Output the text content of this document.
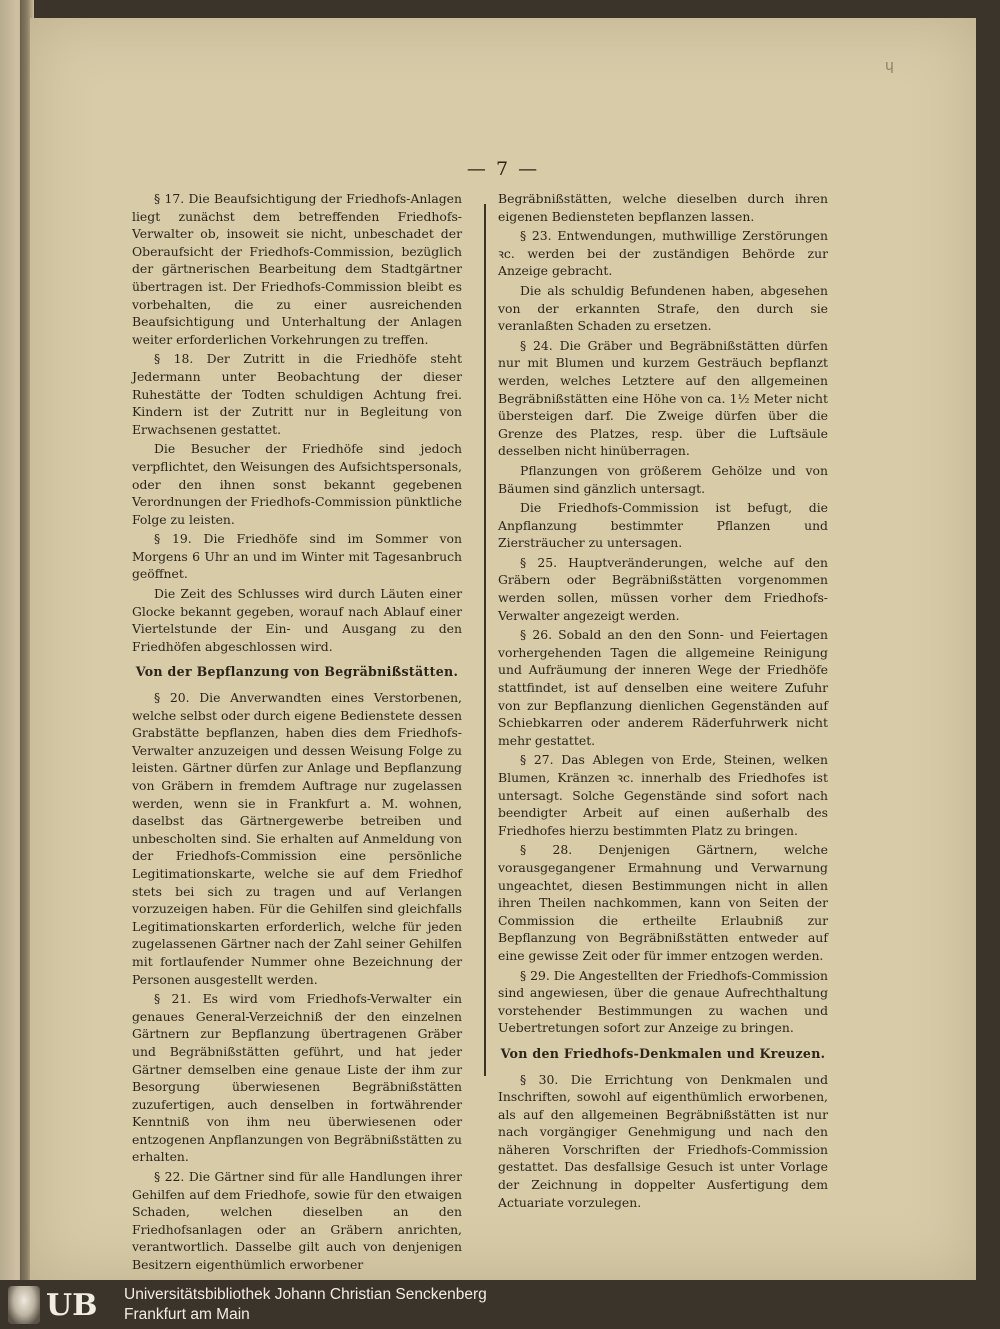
ɥ
— 7 —

§ 17. Die Beaufsichtigung der Friedhofs-Anlagen liegt zunächst dem betreffenden Friedhofs-Verwalter ob, insoweit sie nicht, unbeschadet der Oberaufsicht der Friedhofs-Commission, bezüglich der gärtnerischen Bearbeitung dem Stadtgärtner übertragen ist. Der Friedhofs-Commission bleibt es vorbehalten, die zu einer ausreichenden Beaufsichtigung und Unterhaltung der Anlagen weiter erforderlichen Vorkehrungen zu treffen.

§ 18. Der Zutritt in die Friedhöfe steht Jedermann unter Beobachtung der dieser Ruhestätte der Todten schuldigen Achtung frei. Kindern ist der Zutritt nur in Begleitung von Erwachsenen gestattet.

Die Besucher der Friedhöfe sind jedoch verpflichtet, den Weisungen des Aufsichtspersonals, oder den ihnen sonst bekannt gegebenen Verordnungen der Friedhofs-Commission pünktliche Folge zu leisten.

§ 19. Die Friedhöfe sind im Sommer von Morgens 6 Uhr an und im Winter mit Tagesanbruch geöffnet.

Die Zeit des Schlusses wird durch Läuten einer Glocke bekannt gegeben, worauf nach Ablauf einer Viertelstunde der Ein- und Ausgang zu den Friedhöfen abgeschlossen wird.

Von der Bepflanzung von Begräbnißstätten.

§ 20. Die Anverwandten eines Verstorbenen, welche selbst oder durch eigene Bedienstete dessen Grabstätte bepflanzen, haben dies dem Friedhofs-Verwalter anzuzeigen und dessen Weisung Folge zu leisten. Gärtner dürfen zur Anlage und Bepflanzung von Gräbern in fremdem Auftrage nur zugelassen werden, wenn sie in Frankfurt a. M. wohnen, daselbst das Gärtnergewerbe betreiben und unbescholten sind. Sie erhalten auf Anmeldung von der Friedhofs-Commission eine persönliche Legitimationskarte, welche sie auf dem Friedhof stets bei sich zu tragen und auf Verlangen vorzuzeigen haben. Für die Gehilfen sind gleichfalls Legitimationskarten erforderlich, welche für jeden zugelassenen Gärtner nach der Zahl seiner Gehilfen mit fortlaufender Nummer ohne Bezeichnung der Personen ausgestellt werden.

§ 21. Es wird vom Friedhofs-Verwalter ein genaues General-Verzeichniß der den einzelnen Gärtnern zur Bepflanzung übertragenen Gräber und Begräbnißstätten geführt, und hat jeder Gärtner demselben eine genaue Liste der ihm zur Besorgung überwiesenen Begräbnißstätten zuzufertigen, auch denselben in fortwährender Kenntniß von ihm neu überwiesenen oder entzogenen Anpflanzungen von Begräbnißstätten zu erhalten.

§ 22. Die Gärtner sind für alle Handlungen ihrer Gehilfen auf dem Friedhofe, sowie für den etwaigen Schaden, welchen dieselben an den Friedhofsanlagen oder an Gräbern anrichten, verantwortlich. Dasselbe gilt auch von denjenigen Besitzern eigenthümlich erworbener

Begräbnißstätten, welche dieselben durch ihren eigenen Bediensteten bepflanzen lassen.

§ 23. Entwendungen, muthwillige Zerstörungen ꝛc. werden bei der zuständigen Behörde zur Anzeige gebracht.

Die als schuldig Befundenen haben, abgesehen von der erkannten Strafe, den durch sie veranlaßten Schaden zu ersetzen.

§ 24. Die Gräber und Begräbnißstätten dürfen nur mit Blumen und kurzem Gesträuch bepflanzt werden, welches Letztere auf den allgemeinen Begräbnißstätten eine Höhe von ca. 1½ Meter nicht übersteigen darf. Die Zweige dürfen über die Grenze des Platzes, resp. über die Luftsäule desselben nicht hinüberragen.

Pflanzungen von größerem Gehölze und von Bäumen sind gänzlich untersagt.

Die Friedhofs-Commission ist befugt, die Anpflanzung bestimmter Pflanzen und Ziersträucher zu untersagen.

§ 25. Hauptveränderungen, welche auf den Gräbern oder Begräbnißstätten vorgenommen werden sollen, müssen vorher dem Friedhofs-Verwalter angezeigt werden.

§ 26. Sobald an den den Sonn- und Feiertagen vorhergehenden Tagen die allgemeine Reinigung und Aufräumung der inneren Wege der Friedhöfe stattfindet, ist auf denselben eine weitere Zufuhr von zur Bepflanzung dienlichen Gegenständen auf Schiebkarren oder anderem Räderfuhrwerk nicht mehr gestattet.

§ 27. Das Ablegen von Erde, Steinen, welken Blumen, Kränzen ꝛc. innerhalb des Friedhofes ist untersagt. Solche Gegenstände sind sofort nach beendigter Arbeit auf einen außerhalb des Friedhofes hierzu bestimmten Platz zu bringen.

§ 28. Denjenigen Gärtnern, welche vorausgegangener Ermahnung und Verwarnung ungeachtet, diesen Bestimmungen nicht in allen ihren Theilen nachkommen, kann von Seiten der Commission die ertheilte Erlaubniß zur Bepflanzung von Begräbnißstätten entweder auf eine gewisse Zeit oder für immer entzogen werden.

§ 29. Die Angestellten der Friedhofs-Commission sind angewiesen, über die genaue Aufrechthaltung vorstehender Bestimmungen zu wachen und Uebertretungen sofort zur Anzeige zu bringen.

Von den Friedhofs-Denkmalen und Kreuzen.

§ 30. Die Errichtung von Denkmalen und Inschriften, sowohl auf eigenthümlich erworbenen, als auf den allgemeinen Begräbnißstätten ist nur nach vorgängiger Genehmigung und nach den näheren Vorschriften der Friedhofs-Commission gestattet. Das desfallsige Gesuch ist unter Vorlage der Zeichnung in doppelter Ausfertigung dem Actuariate vorzulegen.

UB Universitätsbibliothek Johann Christian Senckenberg
Frankfurt am Main
